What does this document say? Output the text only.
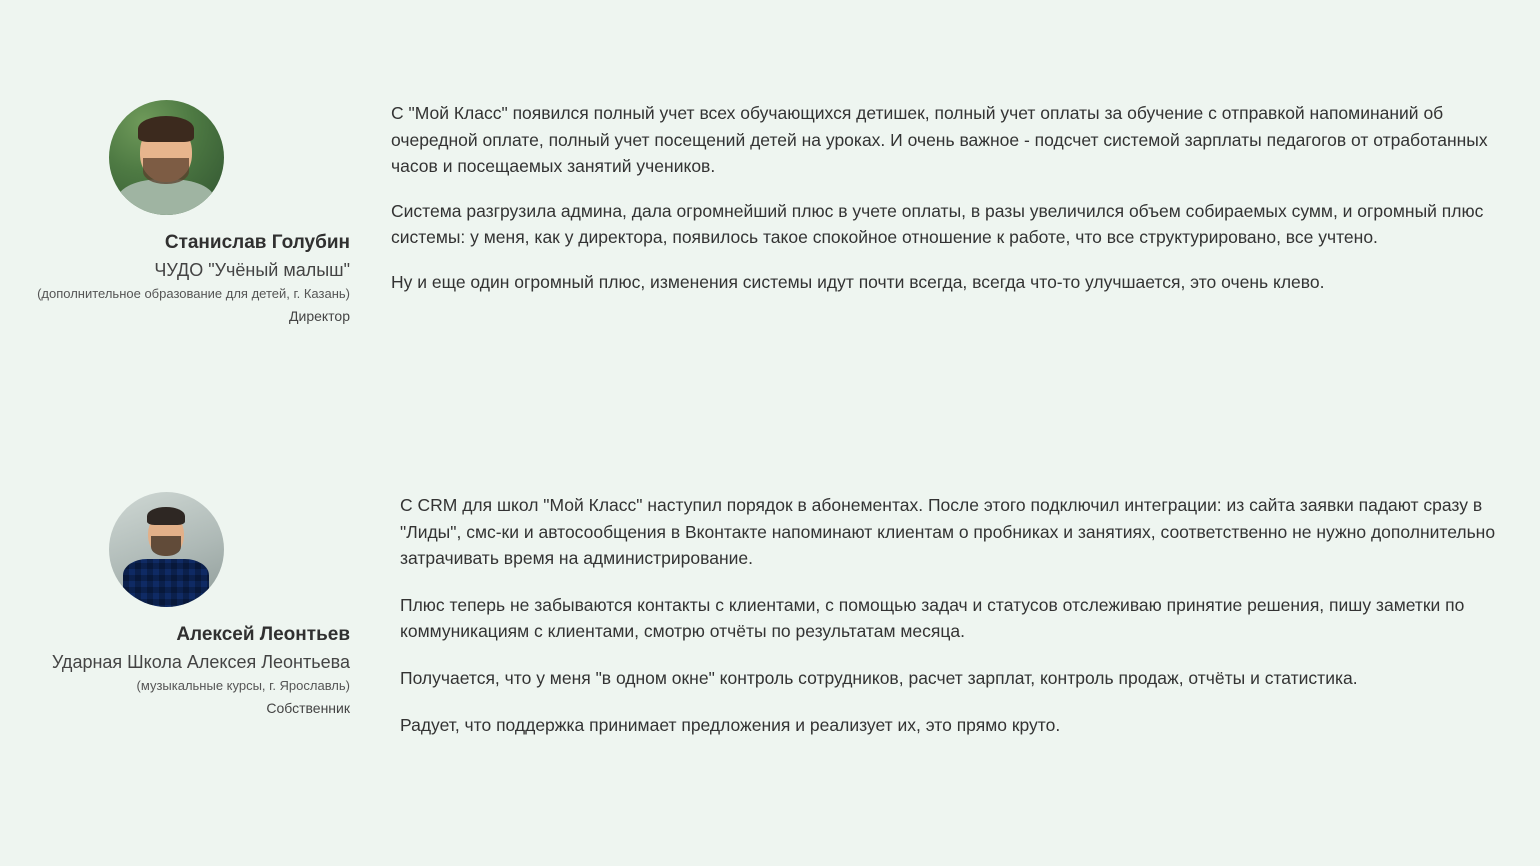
Станислав Голубин
ЧУДО "Учёный малыш"
(дополнительное образование для детей, г. Казань)
Директор

С "Мой Класс" появился полный учет всех обучающихся детишек, полный учет оплаты за обучение с отправкой напоминаний об очередной оплате, полный учет посещений детей на уроках. И очень важное - подсчет системой зарплаты педагогов от отработанных часов и посещаемых занятий учеников.

Система разгрузила админа, дала огромнейший плюс в учете оплаты, в разы увеличился объем собираемых сумм, и огромный плюс системы: у меня, как у директора, появилось такое спокойное отношение к работе, что все структурировано, все учтено.

Ну и еще один огромный плюс, изменения системы идут почти всегда, всегда что-то улучшается, это очень клево.

Алексей Леонтьев
Ударная Школа Алексея Леонтьева
(музыкальные курсы, г. Ярославль)
Собственник

С CRM для школ "Мой Класс" наступил порядок в абонементах. После этого подключил интеграции: из сайта заявки падают сразу в "Лиды", смс-ки и автосообщения в Вконтакте напоминают клиентам о пробниках и занятиях, соответственно не нужно дополнительно затрачивать время на администрирование.

Плюс теперь не забываются контакты с клиентами, с помощью задач и статусов отслеживаю принятие решения, пишу заметки по коммуникациям с клиентами, смотрю отчёты по результатам месяца.

Получается, что у меня "в одном окне" контроль сотрудников, расчет зарплат, контроль продаж, отчёты и статистика.

Радует, что поддержка принимает предложения и реализует их, это прямо круто.
